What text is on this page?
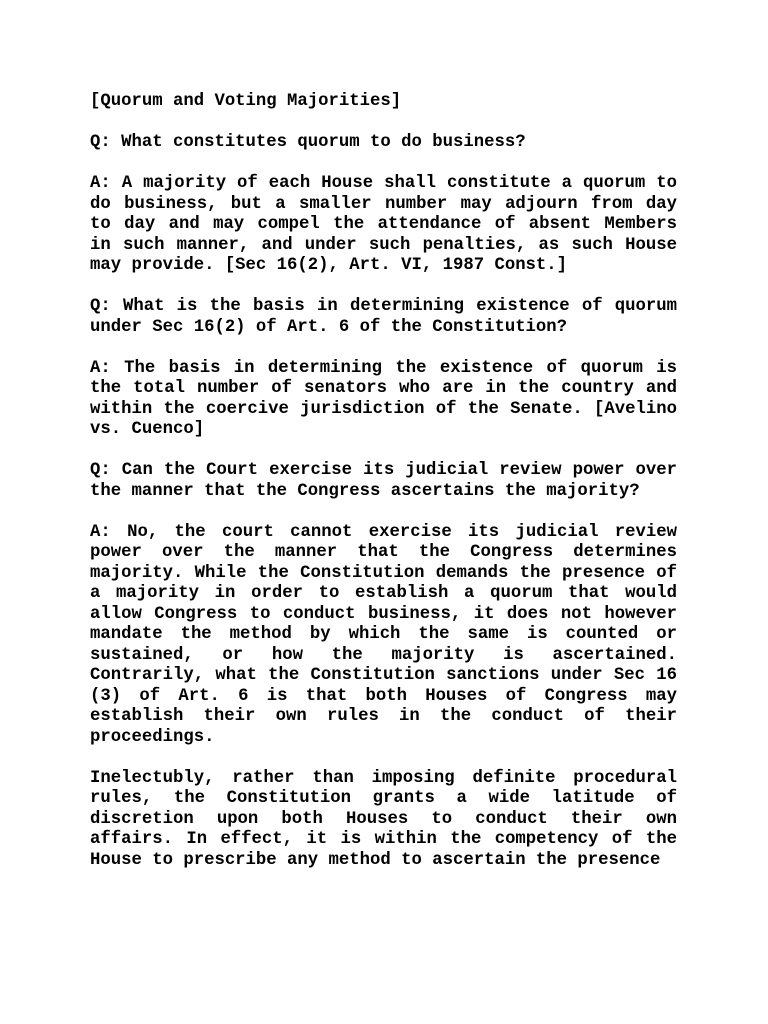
[Quorum and Voting Majorities]

Q: What constitutes quorum to do business?

A: A majority of each House shall constitute a quorum to do business, but a smaller number may adjourn from day to day and may compel the attendance of absent Members in such manner, and under such penalties, as such House may provide. [Sec 16(2), Art. VI, 1987 Const.]

Q: What is the basis in determining existence of quorum under Sec 16(2) of Art. 6 of the Constitution?

A: The basis in determining the existence of quorum is the total number of senators who are in the country and within the coercive jurisdiction of the Senate. [Avelino vs. Cuenco]

Q: Can the Court exercise its judicial review power over the manner that the Congress ascertains the majority?

A: No, the court cannot exercise its judicial review power over the manner that the Congress determines majority. While the Constitution demands the presence of a majority in order to establish a quorum that would allow Congress to conduct business, it does not however mandate the method by which the same is counted or sustained, or how the majority is ascertained. Contrarily, what the Constitution sanctions under Sec 16 (3) of Art. 6 is that both Houses of Congress may establish their own rules in the conduct of their proceedings.

Inelectubly, rather than imposing definite procedural rules, the Constitution grants a wide latitude of discretion upon both Houses to conduct their own affairs. In effect, it is within the competency of the House to prescribe any method to ascertain the presence
